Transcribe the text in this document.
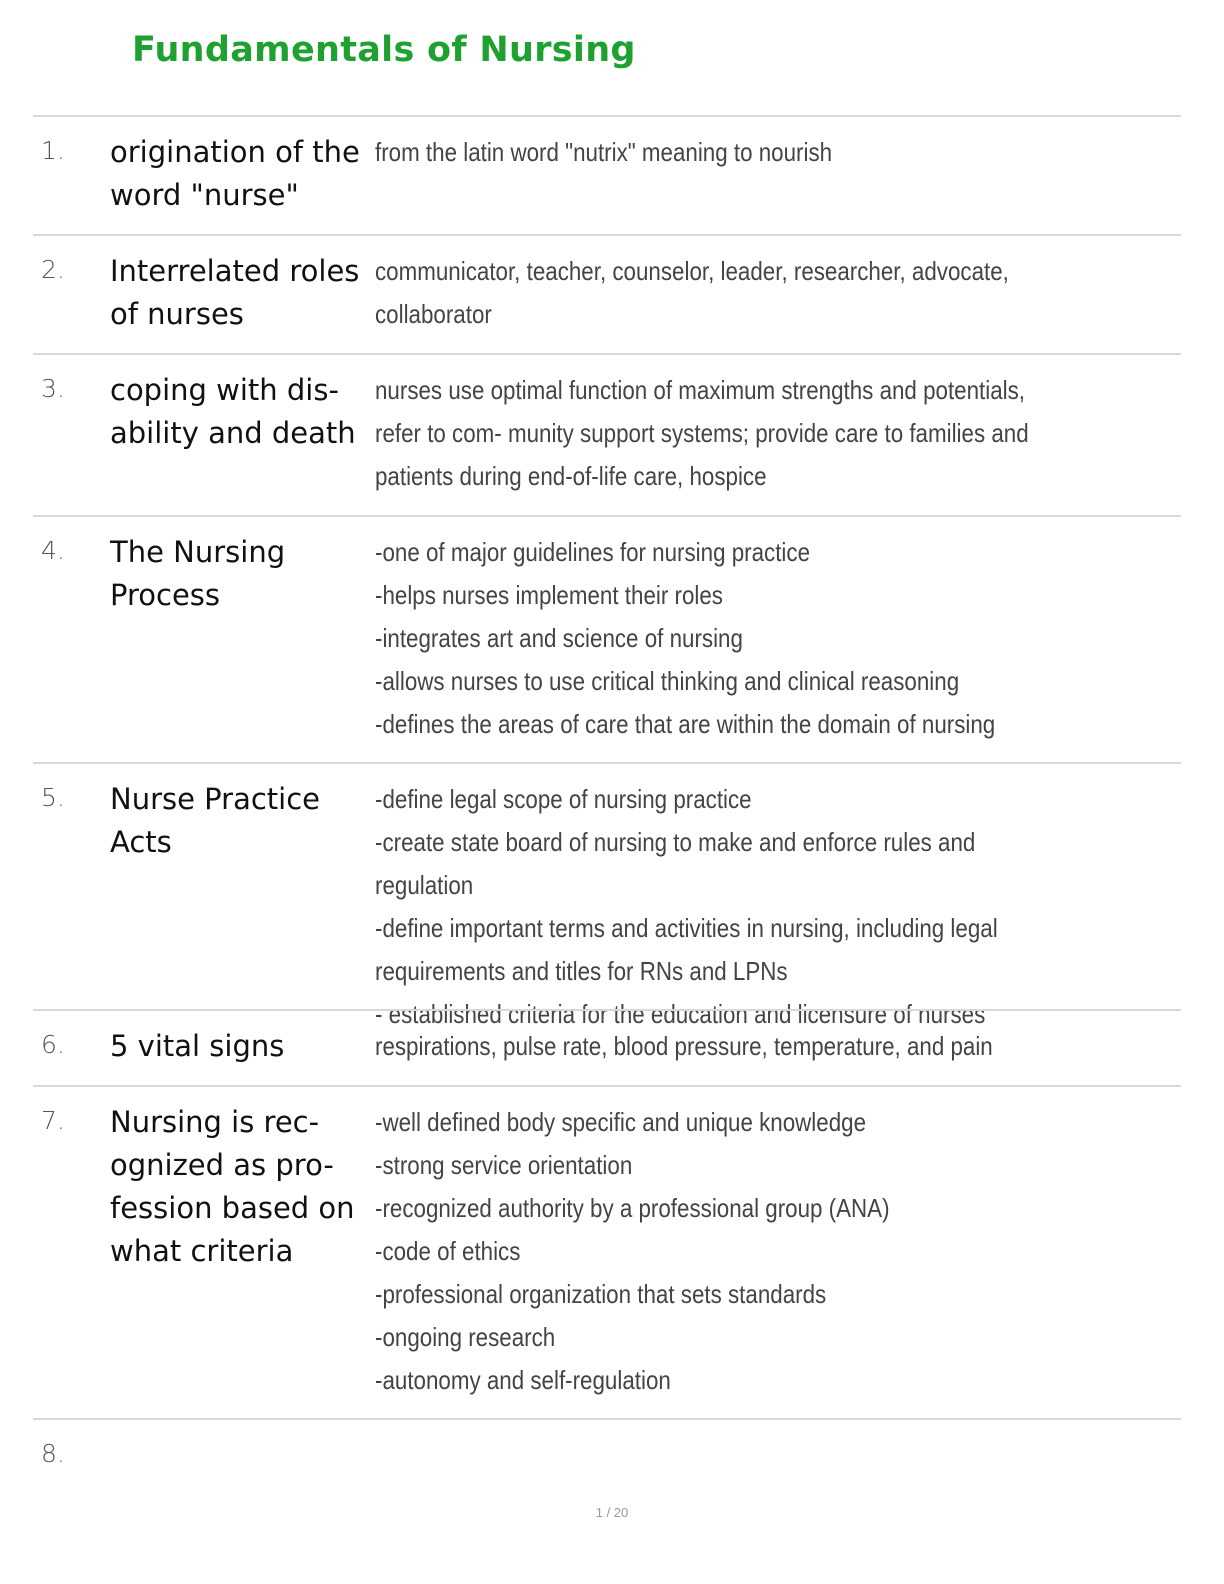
Fundamentals of Nursing
1.	origination of the word "nurse"
from the latin word "nutrix" meaning to nourish
2.	Interrelated roles of nurses
communicator, teacher, counselor, leader, researcher, advocate, collaborator
3.	coping with dis- ability and death
nurses use optimal function of maximum strengths and potentials, refer to com- munity support systems; provide care to families and patients during end-of-life care, hospice
4.	The Nursing Process
-one of major guidelines for nursing practice
-helps nurses implement their roles
-integrates art and science of nursing
-allows nurses to use critical thinking and clinical reasoning
-defines the areas of care that are within the domain of nursing
5.	Nurse Practice Acts
-define legal scope of nursing practice
-create state board of nursing to make and enforce rules and regulation
-define important terms and activities in nursing, including legal requirements and titles for RNs and LPNs
- established criteria for the education and licensure of nurses
6.	5 vital signs	respirations, pulse rate, blood pressure, temperature, and pain
7.	Nursing is rec- ognized as pro- fession based on what criteria
-well defined body specific and unique knowledge
-strong service orientation
-recognized authority by a professional group (ANA)
-code of ethics
-professional organization that sets standards
-ongoing research
-autonomy and self-regulation
8.
1 / 20
